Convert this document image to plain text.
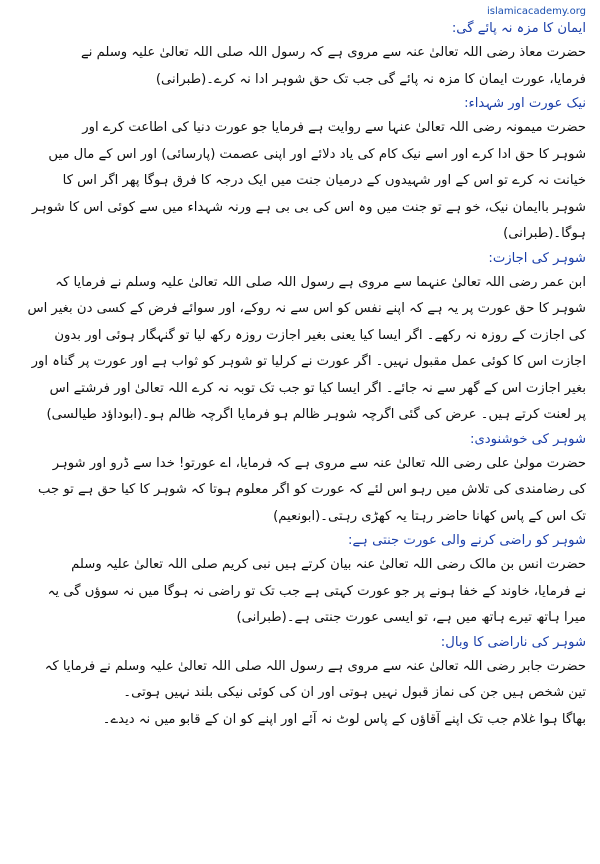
islamicacademy.org
ایمان کا مزہ نہ پائے گی:
حضرت معاذ رضی اللہ تعالیٰ عنہ سے مروی ہے کہ رسول اللہ صلی اللہ تعالیٰ علیہ وسلم نے
فرمایا، عورت ایمان کا مزہ نہ پائے گی جب تک حق شوہر ادا نہ کرے۔(طبرانی)
نیک عورت اور شہداء:
حضرت میمونہ رضی اللہ تعالیٰ عنہا سے روایت ہے فرمایا جو عورت دنیا کی اطاعت کرے اور
شوہر کا حق ادا کرے اور اسے نیک کام کی یاد دلائے اور اپنی عصمت (پارسائی) اور اس کے مال میں
خیانت نہ کرے تو اس کے اور شہیدوں کے درمیان جنت میں ایک درجہ کا فرق ہوگا پھر اگر اس کا
شوہر باایمان نیک، خو ہے تو جنت میں وہ اس کی بی بی ہے ورنہ شہداء میں سے کوئی اس کا شوہر
ہوگا۔(طبرانی)
شوہر کی اجازت:
ابن عمر رضی اللہ تعالیٰ عنہما سے مروی ہے رسول اللہ صلی اللہ تعالیٰ علیہ وسلم نے فرمایا کہ
شوہر کا حق عورت پر یہ ہے کہ اپنے نفس کو اس سے نہ روکے، اور سوائے فرض کے کسی دن بغیر اس
کی اجازت کے روزہ نہ رکھے۔ اگر ایسا کیا یعنی بغیر اجازت روزہ رکھ لیا تو گنہگار ہوئی اور بدون
اجازت اس کا کوئی عمل مقبول نہیں۔ اگر عورت نے کرلیا تو شوہر کو ثواب ہے اور عورت پر گناہ اور
بغیر اجازت اس کے گھر سے نہ جائے۔ اگر ایسا کیا تو جب تک توبہ نہ کرے اللہ تعالیٰ اور فرشتے اس
پر لعنت کرتے ہیں۔ عرض کی گئی اگرچہ شوہر ظالم ہو فرمایا اگرچہ ظالم ہو۔(ابوداؤد طیالسی)
شوہر کی خوشنودی:
حضرت مولیٰ علی رضی اللہ تعالیٰ عنہ سے مروی ہے کہ فرمایا، اے عورتو! خدا سے ڈرو اور شوہر
کی رضامندی کی تلاش میں رہو اس لئے کہ عورت کو اگر معلوم ہوتا کہ شوہر کا کیا حق ہے تو جب
تک اس کے پاس کھانا حاضر رہتا یہ کھڑی رہتی۔(ابونعیم)
شوہر کو راضی کرنے والی عورت جنتی ہے:
حضرت انس بن مالک رضی اللہ تعالیٰ عنہ بیان کرتے ہیں نبی کریم صلی اللہ تعالیٰ علیہ وسلم
نے فرمایا، خاوند کے خفا ہونے پر جو عورت کہتی ہے جب تک تو راضی نہ ہوگا میں نہ سوؤں گی یہ
میرا ہاتھ تیرے ہاتھ میں ہے، تو ایسی عورت جنتی ہے۔(طبرانی)
شوہر کی ناراضی کا وبال:
حضرت جابر رضی اللہ تعالیٰ عنہ سے مروی ہے رسول اللہ صلی اللہ تعالیٰ علیہ وسلم نے فرمایا کہ
تین شخص ہیں جن کی نماز قبول نہیں ہوتی اور ان کی کوئی نیکی بلند نہیں ہوتی۔
بھاگا ہوا غلام جب تک اپنے آقاؤں کے پاس لوٹ نہ آئے اور اپنے کو ان کے قابو میں نہ دیدے۔
